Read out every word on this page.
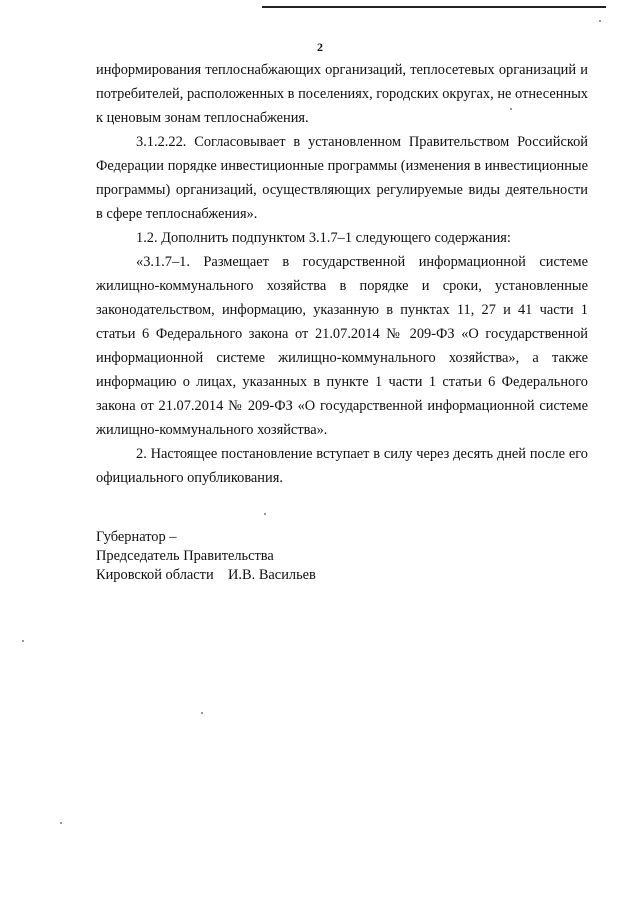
2

информирования теплоснабжающих организаций, теплосетевых организаций и потребителей, расположенных в поселениях, городских округах, не отнесенных к ценовым зонам теплоснабжения.

3.1.2.22. Согласовывает в установленном Правительством Российской Федерации порядке инвестиционные программы (изменения в инвестиционные программы) организаций, осуществляющих регулируемые виды деятельности в сфере теплоснабжения».

1.2. Дополнить подпунктом 3.1.7–1 следующего содержания:

«3.1.7–1. Размещает в государственной информационной системе жилищно-коммунального хозяйства в порядке и сроки, установленные законодательством, информацию, указанную в пунктах 11, 27 и 41 части 1 статьи 6 Федерального закона от 21.07.2014 № 209-ФЗ «О государственной информационной системе жилищно-коммунального хозяйства», а также информацию о лицах, указанных в пункте 1 части 1 статьи 6 Федерального закона от 21.07.2014 № 209-ФЗ «О государственной информационной системе жилищно-коммунального хозяйства».

2. Настоящее постановление вступает в силу через десять дней после его официального опубликования.

Губернатор –
Председатель Правительства
Кировской области    И.В. Васильев
